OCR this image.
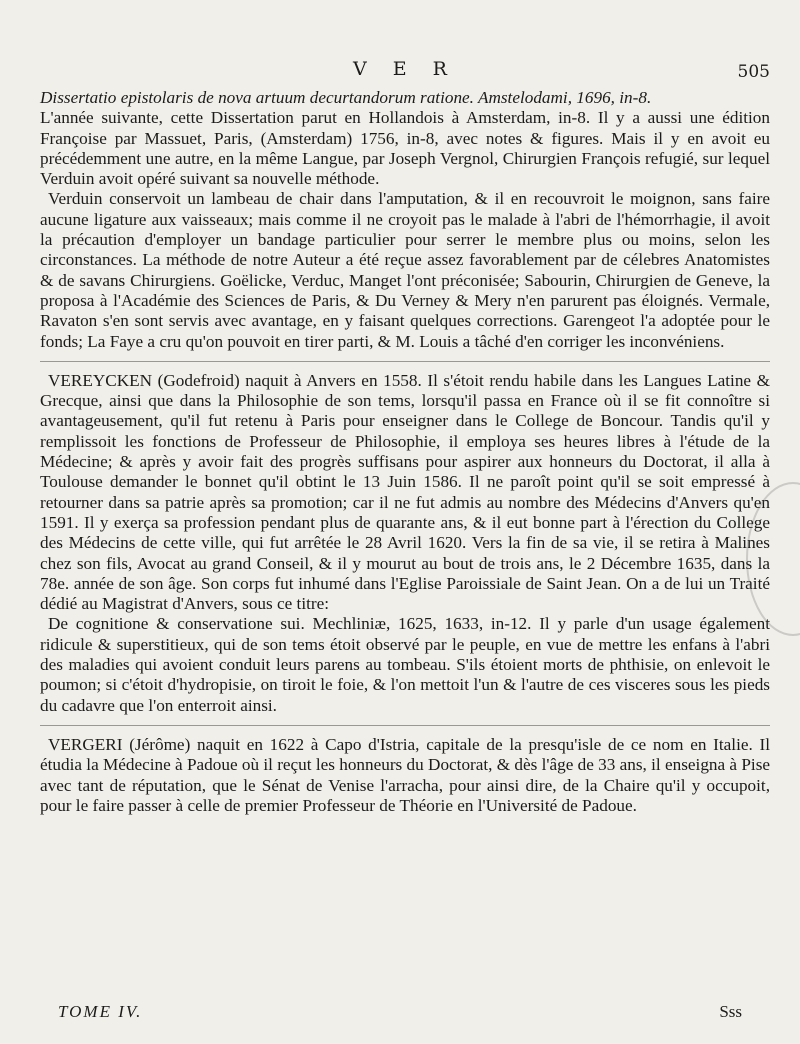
V E R	505

Dissertatio epistolaris de nova artuum decurtandorum ratione. Amstelodami, 1696, in-8.

L'année suivante, cette Dissertation parut en Hollandois à Amsterdam, in-8. Il y a aussi une édition Françoise par Massuet, Paris, (Amsterdam) 1756, in-8, avec notes & figures. Mais il y en avoit eu précédemment une autre, en la même Langue, par Joseph Vergnol, Chirurgien François refugié, sur lequel Verduin avoit opéré suivant sa nouvelle méthode.

Verduin conservoit un lambeau de chair dans l'amputation, & il en recouvroit le moignon, sans faire aucune ligature aux vaisseaux; mais comme il ne croyoit pas le malade à l'abri de l'hémorrhagie, il avoit la précaution d'employer un bandage particulier pour serrer le membre plus ou moins, selon les circonstances. La méthode de notre Auteur a été reçue assez favorablement par de célebres Anatomistes & de savans Chirurgiens. Goëlicke, Verduc, Manget l'ont préconisée; Sabourin, Chirurgien de Geneve, la proposa à l'Académie des Sciences de Paris, & Du Verney & Mery n'en parurent pas éloignés. Vermale, Ravaton s'en sont servis avec avantage, en y faisant quelques corrections. Garengeot l'a adoptée pour le fonds; La Faye a cru qu'on pouvoit en tirer parti, & M. Louis a tâché d'en corriger les inconvéniens.

VEREYCKEN (Godefroid) naquit à Anvers en 1558. Il s'étoit rendu habile dans les Langues Latine & Grecque, ainsi que dans la Philosophie de son tems, lorsqu'il passa en France où il se fit connoître si avantageusement, qu'il fut retenu à Paris pour enseigner dans le College de Boncour. Tandis qu'il y remplissoit les fonctions de Professeur de Philosophie, il employa ses heures libres à l'étude de la Médecine; & après y avoir fait des progrès suffisans pour aspirer aux honneurs du Doctorat, il alla à Toulouse demander le bonnet qu'il obtint le 13 Juin 1586. Il ne paroît point qu'il se soit empressé à retourner dans sa patrie après sa promotion; car il ne fut admis au nombre des Médecins d'Anvers qu'en 1591. Il y exerça sa profession pendant plus de quarante ans, & il eut bonne part à l'érection du College des Médecins de cette ville, qui fut arrêtée le 28 Avril 1620. Vers la fin de sa vie, il se retira à Malines chez son fils, Avocat au grand Conseil, & il y mourut au bout de trois ans, le 2 Décembre 1635, dans la 78e. année de son âge. Son corps fut inhumé dans l'Eglise Paroissiale de Saint Jean. On a de lui un Traité dédié au Magistrat d'Anvers, sous ce titre:

De cognitione & conservatione sui. Mechliniæ, 1625, 1633, in-12. Il y parle d'un usage également ridicule & superstitieux, qui de son tems étoit observé par le peuple, en vue de mettre les enfans à l'abri des maladies qui avoient conduit leurs parens au tombeau. S'ils étoient morts de phthisie, on enlevoit le poumon; si c'étoit d'hydropisie, on tiroit le foie, & l'on mettoit l'un & l'autre de ces visceres sous les pieds du cadavre que l'on enterroit ainsi.

VERGERI (Jérôme) naquit en 1622 à Capo d'Istria, capitale de la presqu'isle de ce nom en Italie. Il étudia la Médecine à Padoue où il reçut les honneurs du Doctorat, & dès l'âge de 33 ans, il enseigna à Pise avec tant de réputation, que le Sénat de Venise l'arracha, pour ainsi dire, de la Chaire qu'il y occupoit, pour le faire passer à celle de premier Professeur de Théorie en l'Université de Padoue.

TOME IV.	Sss
